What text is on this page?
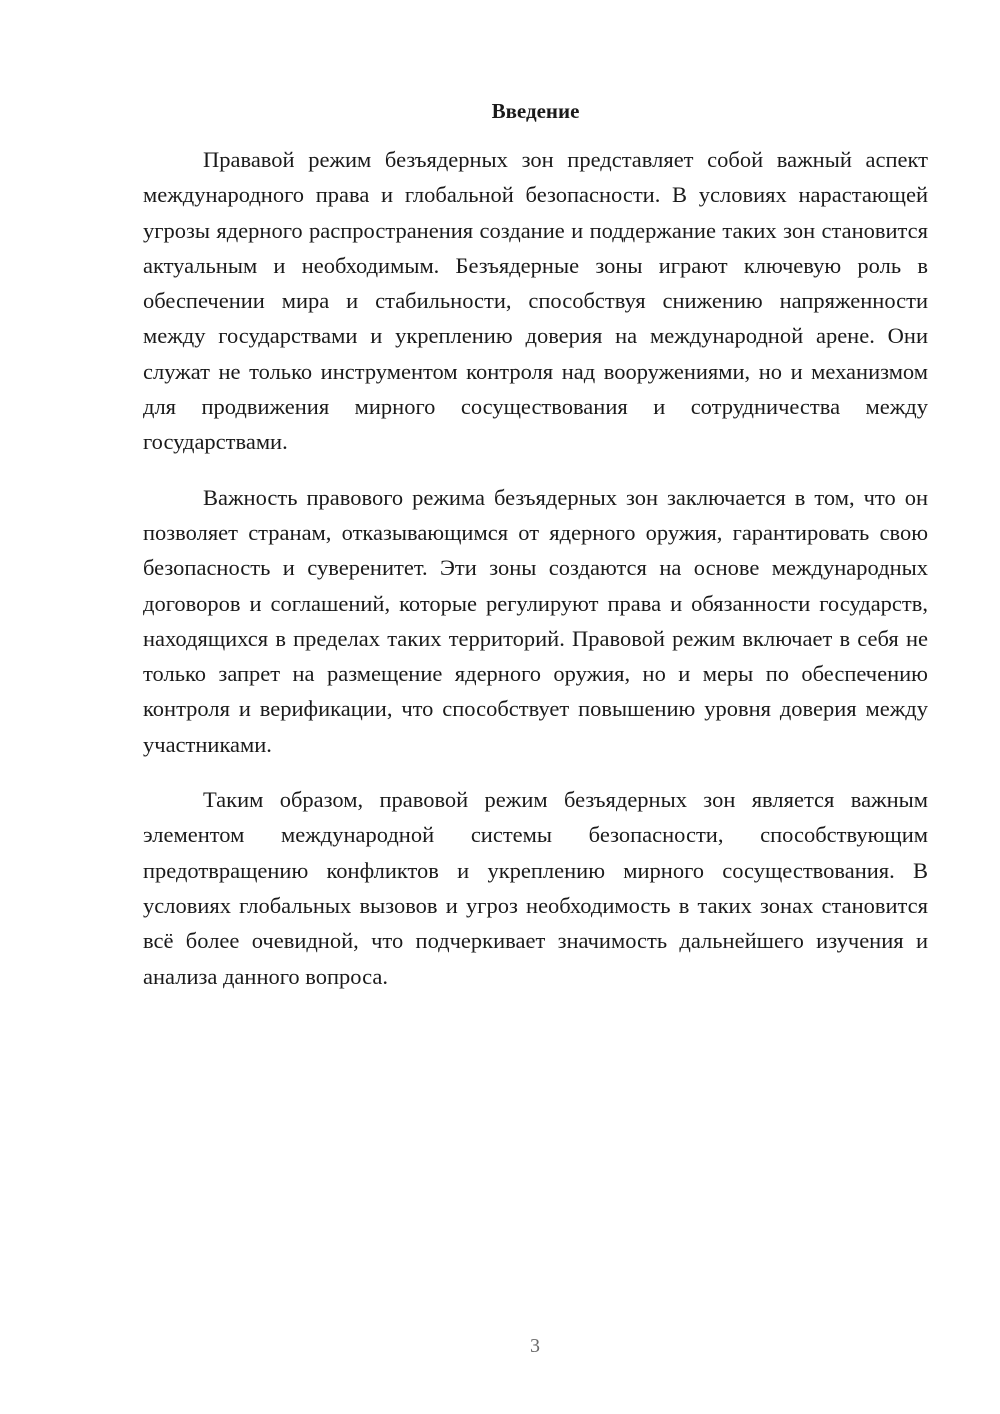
Введение

Прававой режим безъядерных зон представляет собой важный аспект международного права и глобальной безопасности. В условиях нарастающей угрозы ядерного распространения создание и поддержание таких зон становится актуальным и необходимым. Безъядерные зоны играют ключевую роль в обеспечении мира и стабильности, способствуя снижению напряженности между государствами и укреплению доверия на международной арене. Они служат не только инструментом контроля над вооружениями, но и механизмом для продвижения мирного сосуществования и сотрудничества между государствами.

Важность правового режима безъядерных зон заключается в том, что он позволяет странам, отказывающимся от ядерного оружия, гарантировать свою безопасность и суверенитет. Эти зоны создаются на основе международных договоров и соглашений, которые регулируют права и обязанности государств, находящихся в пределах таких территорий. Правовой режим включает в себя не только запрет на размещение ядерного оружия, но и меры по обеспечению контроля и верификации, что способствует повышению уровня доверия между участниками.

Таким образом, правовой режим безъядерных зон является важным элементом международной системы безопасности, способствующим предотвращению конфликтов и укреплению мирного сосуществования. В условиях глобальных вызовов и угроз необходимость в таких зонах становится всё более очевидной, что подчеркивает значимость дальнейшего изучения и анализа данного вопроса.

3
